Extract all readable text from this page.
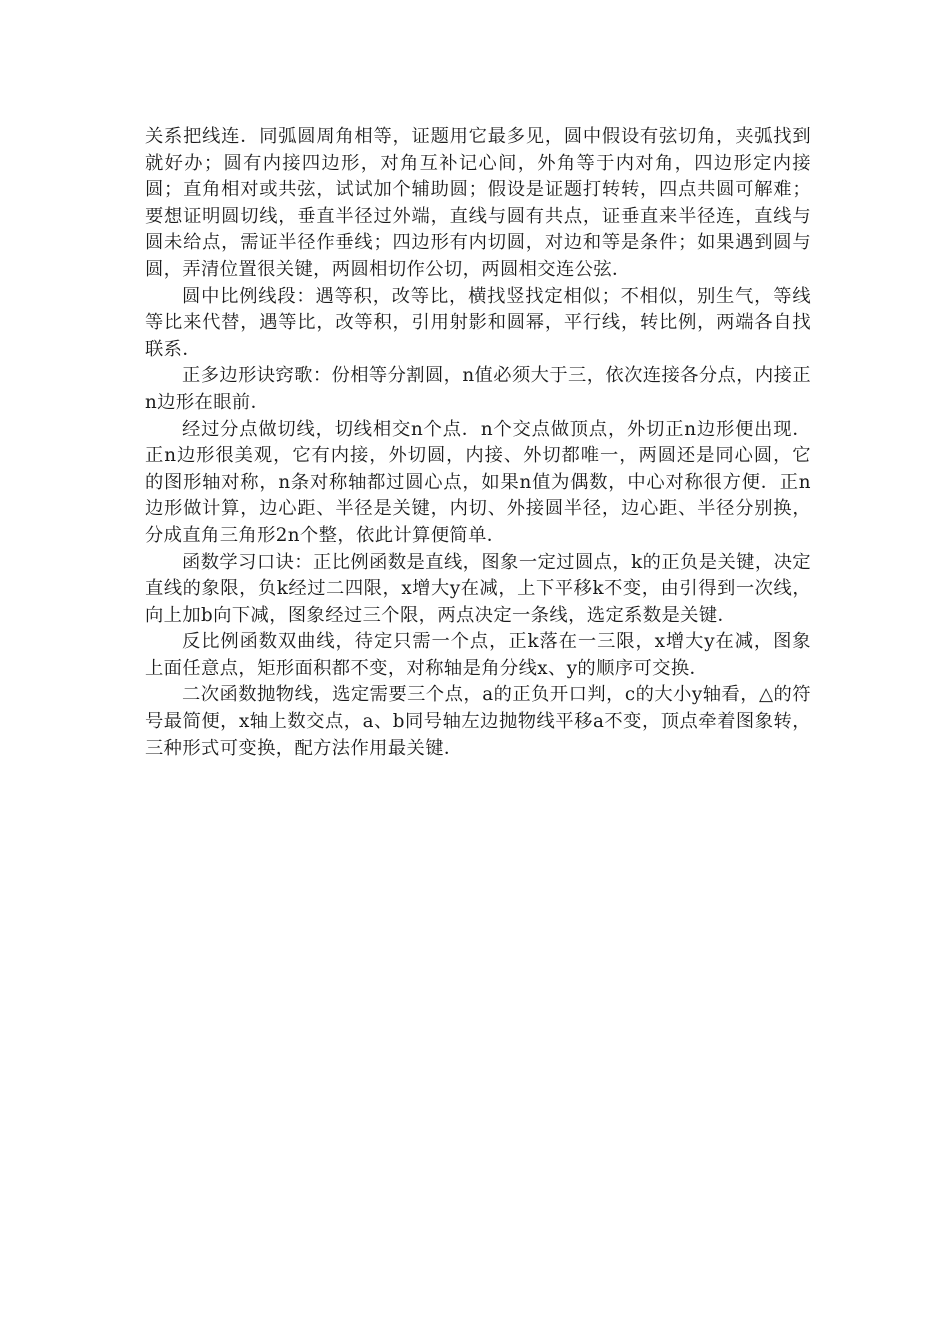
关系把线连．同弧圆周角相等，证题用它最多见，圆中假设有弦切角，夹弧找到就好办；圆有内接四边形，对角互补记心间，外角等于内对角，四边形定内接圆；直角相对或共弦，试试加个辅助圆；假设是证题打转转，四点共圆可解难；要想证明圆切线，垂直半径过外端，直线与圆有共点，证垂直来半径连，直线与圆未给点，需证半径作垂线；四边形有内切圆，对边和等是条件；如果遇到圆与圆，弄清位置很关键，两圆相切作公切，两圆相交连公弦．

圆中比例线段：遇等积，改等比，横找竖找定相似；不相似，别生气，等线等比来代替，遇等比，改等积，引用射影和圆幂，平行线，转比例，两端各自找联系．

正多边形诀窍歌：份相等分割圆，n值必须大于三，依次连接各分点，内接正n边形在眼前．

经过分点做切线，切线相交n个点．n个交点做顶点，外切正n边形便出现．正n边形很美观，它有内接，外切圆，内接、外切都唯一，两圆还是同心圆，它的图形轴对称，n条对称轴都过圆心点，如果n值为偶数，中心对称很方便．正n边形做计算，边心距、半径是关键，内切、外接圆半径，边心距、半径分别换，分成直角三角形2n个整，依此计算便简单．

函数学习口诀：正比例函数是直线，图象一定过圆点，k的正负是关键，决定直线的象限，负k经过二四限，x增大y在减，上下平移k不变，由引得到一次线，向上加b向下减，图象经过三个限，两点决定一条线，选定系数是关键．

反比例函数双曲线，待定只需一个点，正k落在一三限，x增大y在减，图象上面任意点，矩形面积都不变，对称轴是角分线x、y的顺序可交换．

二次函数抛物线，选定需要三个点，a的正负开口判，c的大小y轴看，△的符号最简便，x轴上数交点，a、b同号轴左边抛物线平移a不变，顶点牵着图象转，三种形式可变换，配方法作用最关键．
